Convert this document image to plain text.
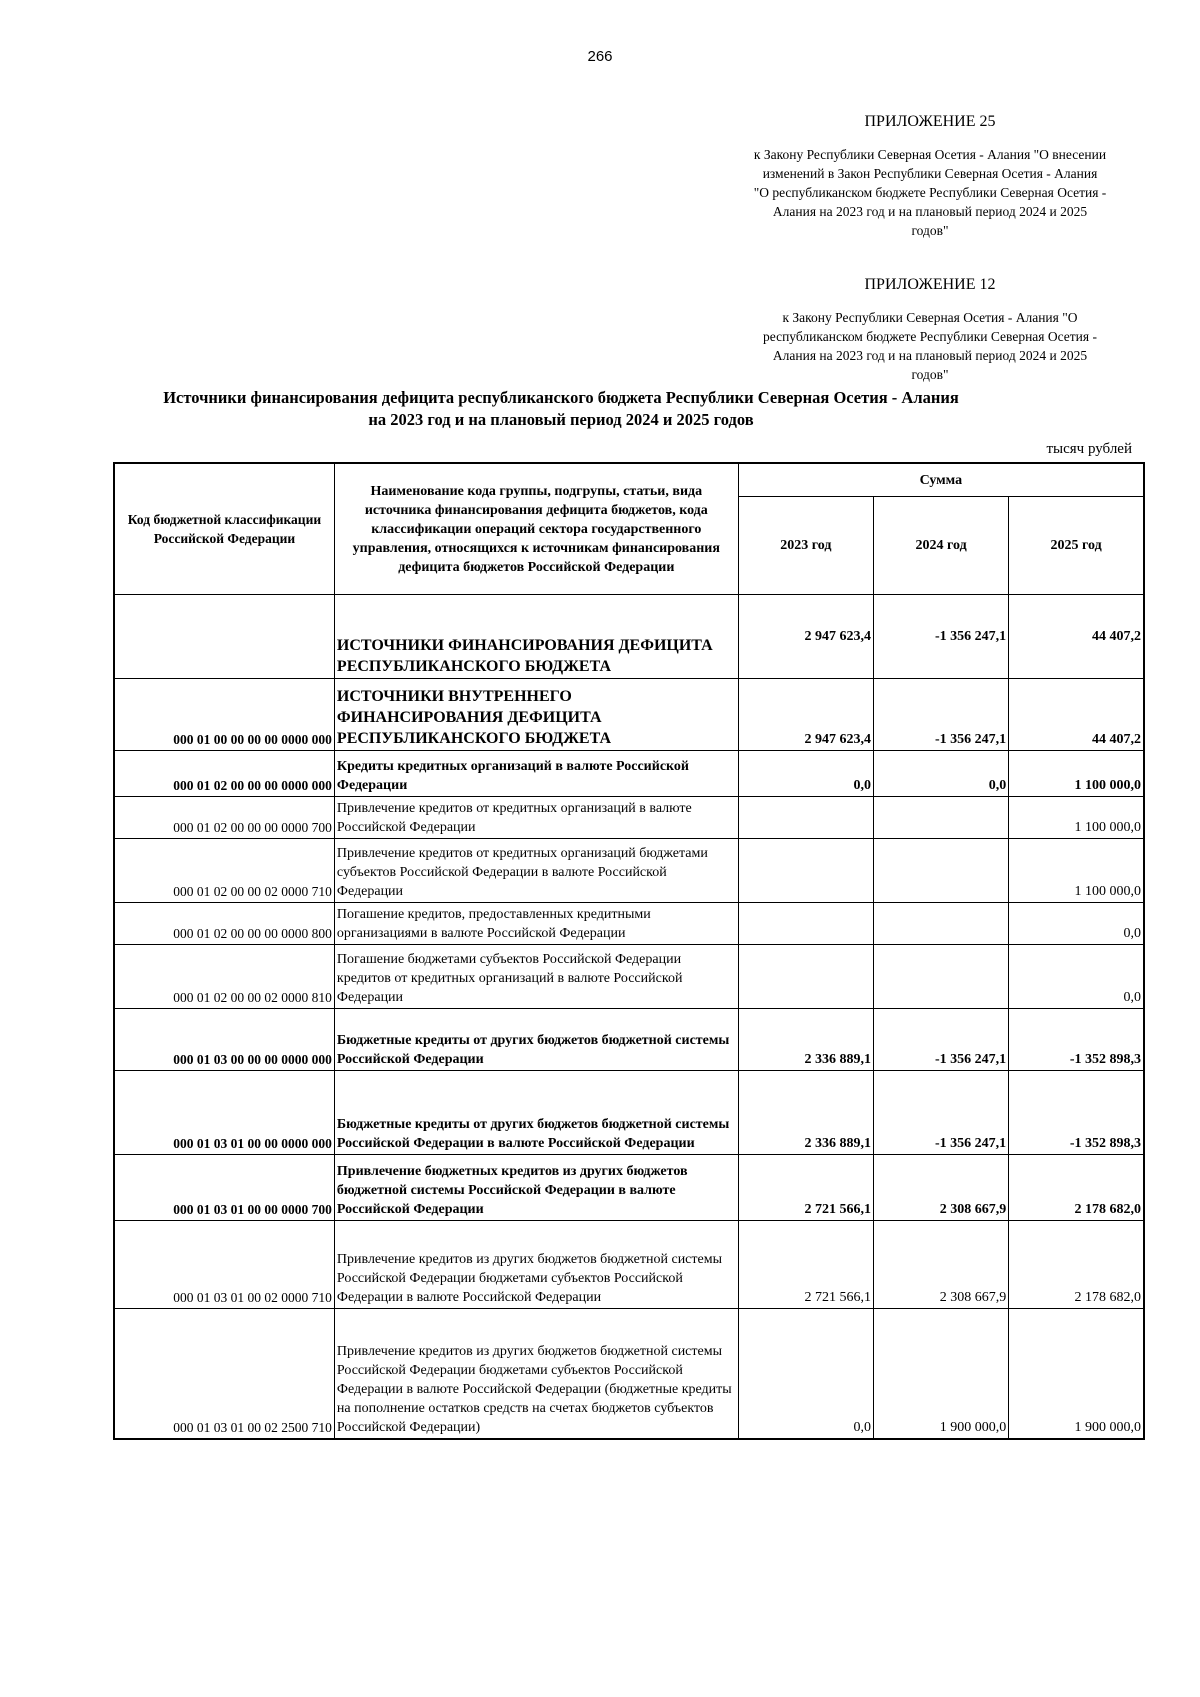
266
ПРИЛОЖЕНИЕ 25
к Закону Республики Северная Осетия - Алания "О внесении
изменений в Закон Республики Северная Осетия - Алания
"О республиканском бюджете Республики Северная Осетия -
Алания на 2023 год и на плановый период 2024 и 2025
годов"
ПРИЛОЖЕНИЕ 12
к Закону Республики Северная Осетия - Алания "О
республиканском бюджете Республики Северная Осетия -
Алания на 2023 год и на плановый период 2024 и 2025
годов"
Источники финансирования дефицита республиканского бюджета Республики Северная Осетия - Алания
на 2023 год и на плановый период 2024 и 2025 годов
тысяч рублей
Код бюджетной классификации Российской Федерации	Наименование кода группы, подгрупы, статьи, вида источника финансирования дефицита бюджетов, кода классификации операций сектора государственного управления, относящихся к источникам финансирования дефицита бюджетов Российской Федерации	Сумма		
		2023 год	2024 год	2025 год
	ИСТОЧНИКИ ФИНАНСИРОВАНИЯ ДЕФИЦИТА РЕСПУБЛИКАНСКОГО БЮДЖЕТА	2 947 623,4	-1 356 247,1	44 407,2
000 01 00 00 00 00 0000 000	ИСТОЧНИКИ ВНУТРЕННЕГО ФИНАНСИРОВАНИЯ ДЕФИЦИТА РЕСПУБЛИКАНСКОГО БЮДЖЕТА	2 947 623,4	-1 356 247,1	44 407,2
000 01 02 00 00 00 0000 000	Кредиты кредитных организаций в валюте Российской Федерации	0,0	0,0	1 100 000,0
000 01 02 00 00 00 0000 700	Привлечение кредитов от кредитных организаций в валюте Российской Федерации			1 100 000,0
000 01 02 00 00 02 0000 710	Привлечение кредитов от кредитных организаций бюджетами субъектов Российской Федерации в валюте Российской Федерации			1 100 000,0
000 01 02 00 00 00 0000 800	Погашение кредитов, предоставленных кредитными организациями в валюте Российской Федерации			0,0
000 01 02 00 00 02 0000 810	Погашение бюджетами субъектов Российской Федерации кредитов от кредитных организаций в валюте Российской Федерации			0,0
000 01 03 00 00 00 0000 000	Бюджетные кредиты от других бюджетов бюджетной системы Российской Федерации	2 336 889,1	-1 356 247,1	-1 352 898,3
000 01 03 01 00 00 0000 000	Бюджетные кредиты от других бюджетов бюджетной системы Российской Федерации в валюте Российской Федерации	2 336 889,1	-1 356 247,1	-1 352 898,3
000 01 03 01 00 00 0000 700	Привлечение бюджетных кредитов из других бюджетов бюджетной системы Российской Федерации в валюте Российской Федерации	2 721 566,1	2 308 667,9	2 178 682,0
000 01 03 01 00 02 0000 710	Привлечение кредитов из других бюджетов бюджетной системы Российской Федерации бюджетами субъектов Российской Федерации в валюте Российской Федерации	2 721 566,1	2 308 667,9	2 178 682,0
000 01 03 01 00 02 2500 710	Привлечение кредитов из других бюджетов бюджетной системы Российской Федерации бюджетами субъектов Российской Федерации в валюте Российской Федерации (бюджетные кредиты на пополнение остатков средств на счетах бюджетов субъектов Российской Федерации)	0,0	1 900 000,0	1 900 000,0
